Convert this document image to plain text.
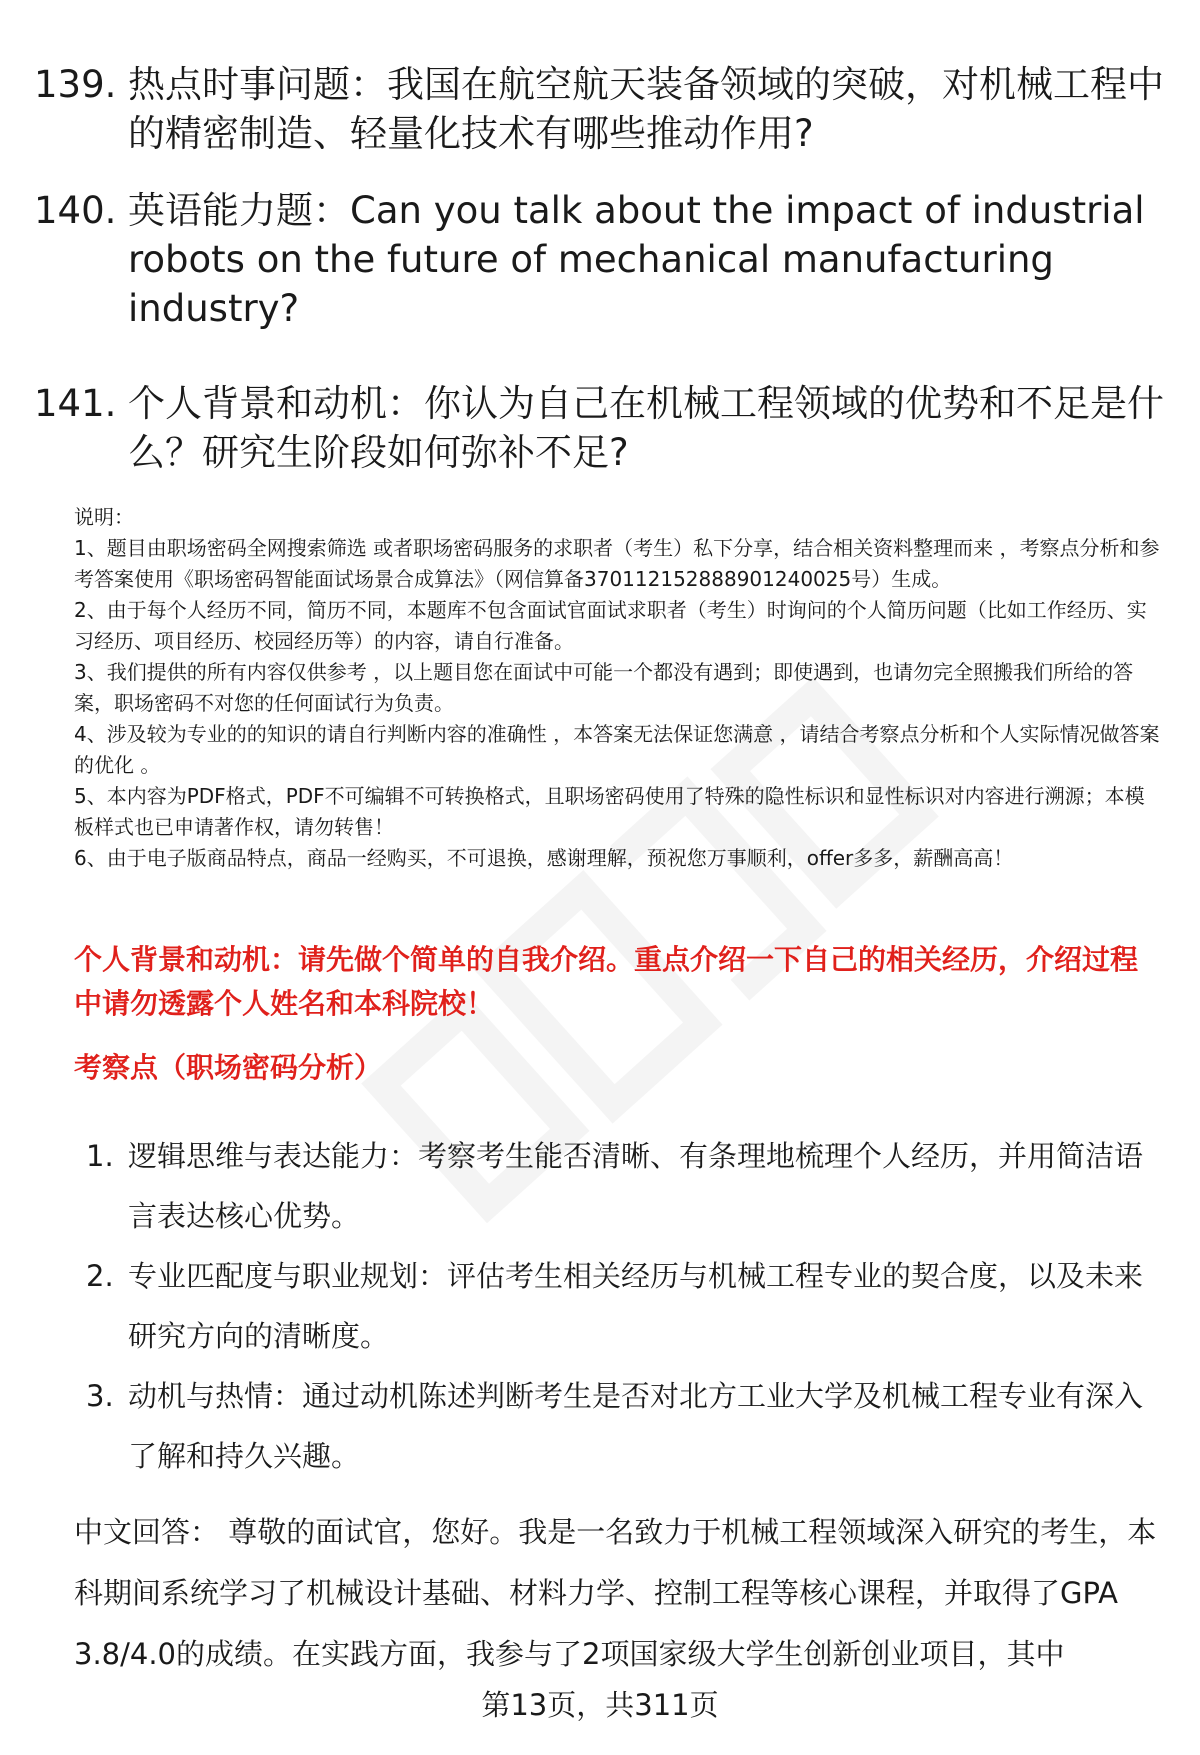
139. 热点时事问题：我国在航空航天装备领域的突破，对机械工程中的精密制造、轻量化技术有哪些推动作用?
140. 英语能力题：Can you talk about the impact of industrial robots on the future of mechanical manufacturing industry?
141. 个人背景和动机：你认为自己在机械工程领域的优势和不足是什么？研究生阶段如何弥补不足?

说明：

1、题目由职场密码全网搜索筛选 或者职场密码服务的求职者（考生）私下分享，结合相关资料整理而来 ，考察点分析和参考答案使用《职场密码智能面试场景合成算法》（网信算备370112152888901240025号）生成。

2、由于每个人经历不同，简历不同，本题库不包含面试官面试求职者（考生）时询问的个人简历问题（比如工作经历、实习经历、项目经历、校园经历等）的内容，请自行准备。

3、我们提供的所有内容仅供参考 ，以上题目您在面试中可能一个都没有遇到；即使遇到，也请勿完全照搬我们所给的答案，职场密码不对您的任何面试行为负责。

4、涉及较为专业的的知识的请自行判断内容的准确性 ，本答案无法保证您满意 ，请结合考察点分析和个人实际情况做答案的优化 。

5、本内容为PDF格式，PDF不可编辑不可转换格式，且职场密码使用了特殊的隐性标识和显性标识对内容进行溯源；本模板样式也已申请著作权，请勿转售！

6、由于电子版商品特点，商品一经购买，不可退换，感谢理解，预祝您万事顺利，offer多多，薪酬高高！

个人背景和动机：请先做个简单的自我介绍。重点介绍一下自己的相关经历，介绍过程中请勿透露个人姓名和本科院校！
考察点（职场密码分析）
1. 逻辑思维与表达能力：考察考生能否清晰、有条理地梳理个人经历，并用简洁语言表达核心优势。
2. 专业匹配度与职业规划：评估考生相关经历与机械工程专业的契合度，以及未来研究方向的清晰度。
3. 动机与热情：通过动机陈述判断考生是否对北方工业大学及机械工程专业有深入了解和持久兴趣。

中文回答： 尊敬的面试官，您好。我是一名致力于机械工程领域深入研究的考生，本科期间系统学习了机械设计基础、材料力学、控制工程等核心课程，并取得了GPA 3.8/4.0的成绩。在实践方面，我参与了2项国家级大学生创新创业项目，其中

第13页，共311页
